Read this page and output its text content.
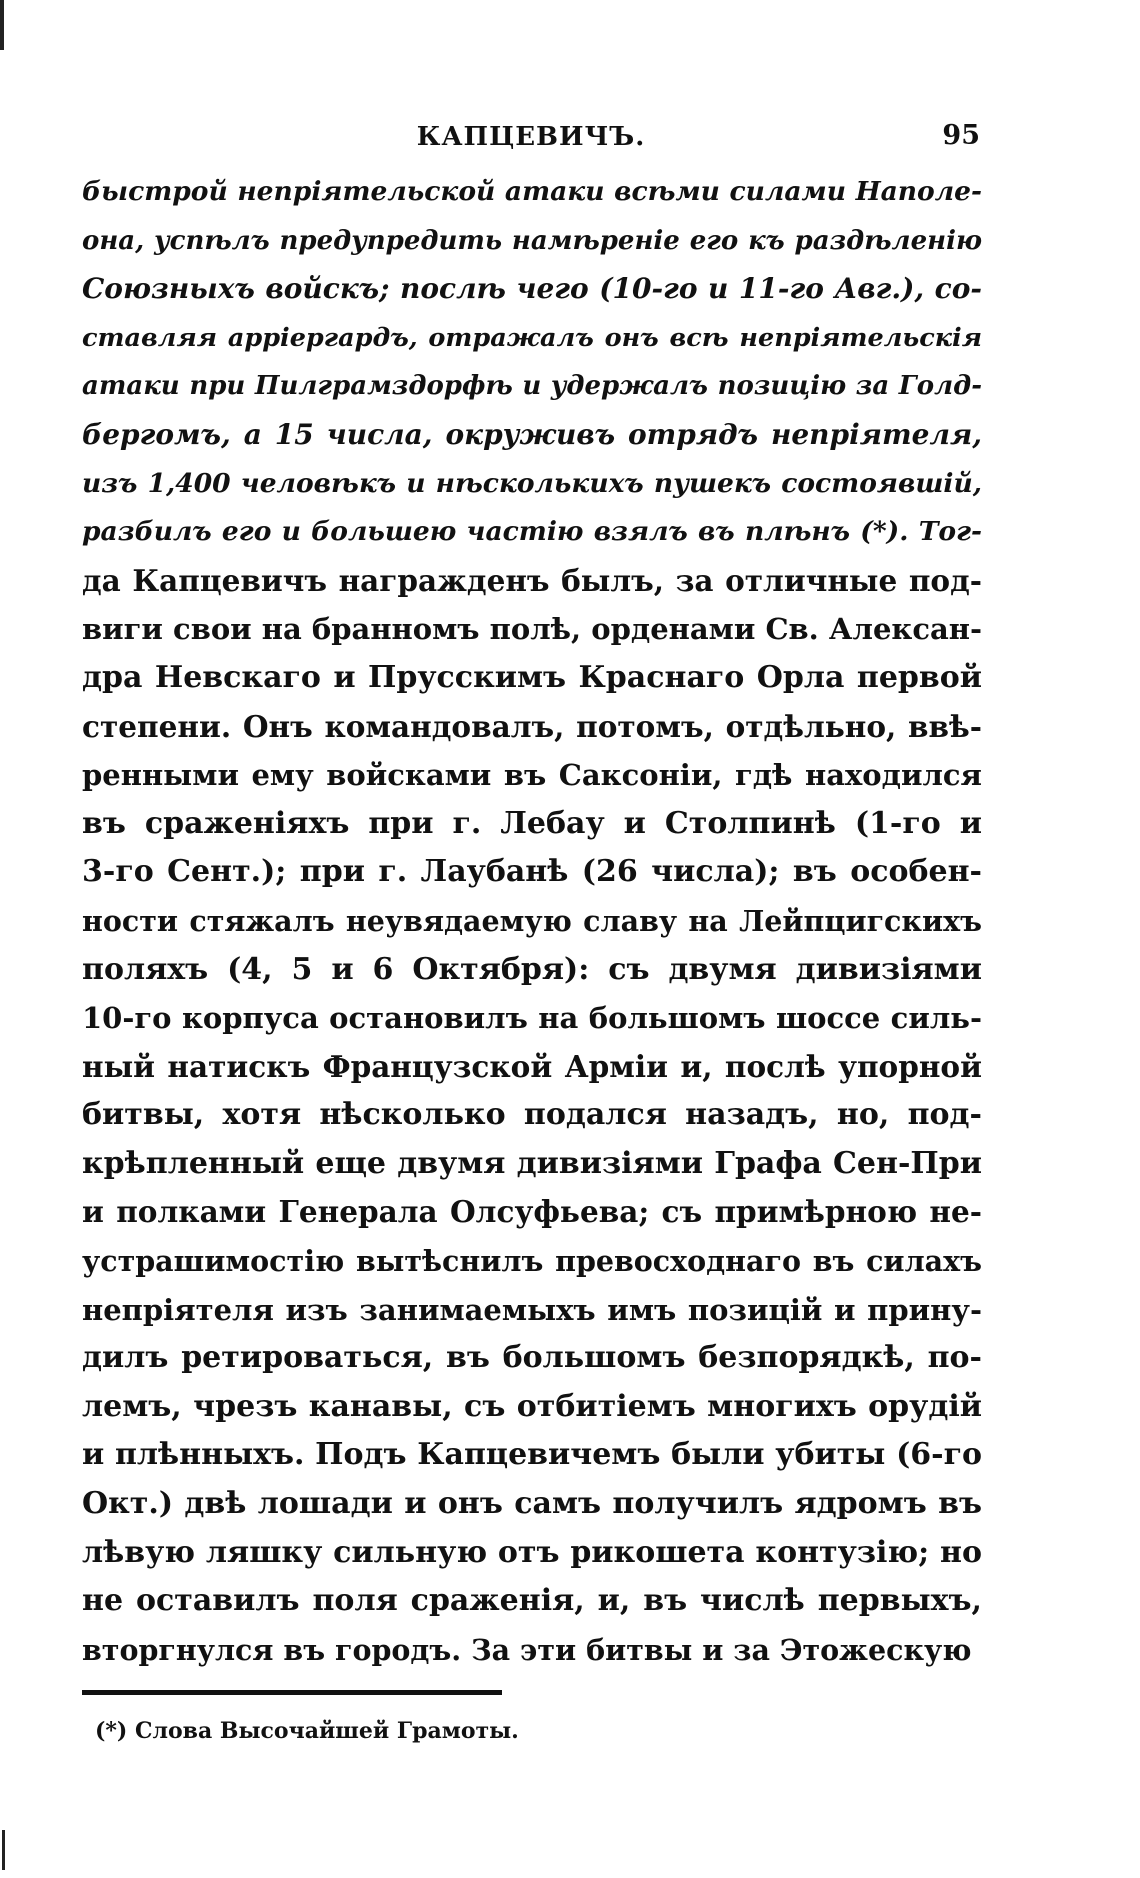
КАПЦЕВИЧЪ.	95
быстрой непріятельской атаки всѣми силами Наполе-
она, успѣлъ предупредить намѣреніе его къ раздѣленію
Союзныхъ войскъ; послѣ чего (10-го и 11-го Авг.), со-
ставляя арріергардъ, отражалъ онъ всѣ непріятельскія
атаки при Пилграмздорфѣ и удержалъ позицію за Голд-
бергомъ, а 15 числа, окруживъ отрядъ непріятеля,
изъ 1,400 человѣкъ и нѣсколькихъ пушекъ состоявшій,
разбилъ его и большею частію взялъ въ плѣнъ (*). Тог-
да Капцевичъ награжденъ былъ, за отличные под-
виги свои на бранномъ полѣ, орденами Св. Алексан-
дра Невскаго и Прусскимъ Краснаго Орла первой
степени. Онъ командовалъ, потомъ, отдѣльно, ввѣ-
ренными ему войсками въ Саксоніи, гдѣ находился
въ сраженіяхъ при г. Лебау и Столпинѣ (1-го и
3-го Сент.); при г. Лаубанѣ (26 числа); въ особен-
ности стяжалъ неувядаемую славу на Лейпцигскихъ
поляхъ (4, 5 и 6 Октября): съ двумя дивизіями
10-го корпуса остановилъ на большомъ шоссе силь-
ный натискъ Французской Арміи и, послѣ упорной
битвы, хотя нѣсколько подался назадъ, но, под-
крѣпленный еще двумя дивизіями Графа Сен-При
и полками Генерала Олсуфьева; съ примѣрною не-
устрашимостію вытѣснилъ превосходнаго въ силахъ
непріятеля изъ занимаемыхъ имъ позицій и прину-
дилъ ретироваться, въ большомъ безпорядкѣ, по-
лемъ, чрезъ канавы, съ отбитіемъ многихъ орудій
и плѣнныхъ. Подъ Капцевичемъ были убиты (6-го
Окт.) двѣ лошади и онъ самъ получилъ ядромъ въ
лѣвую ляшку сильную отъ рикошета контузію; но
не оставилъ поля сраженія, и, въ числѣ первыхъ,
вторгнулся въ городъ. За эти битвы и за Этожескую
(*) Слова Высочайшей Грамоты.
